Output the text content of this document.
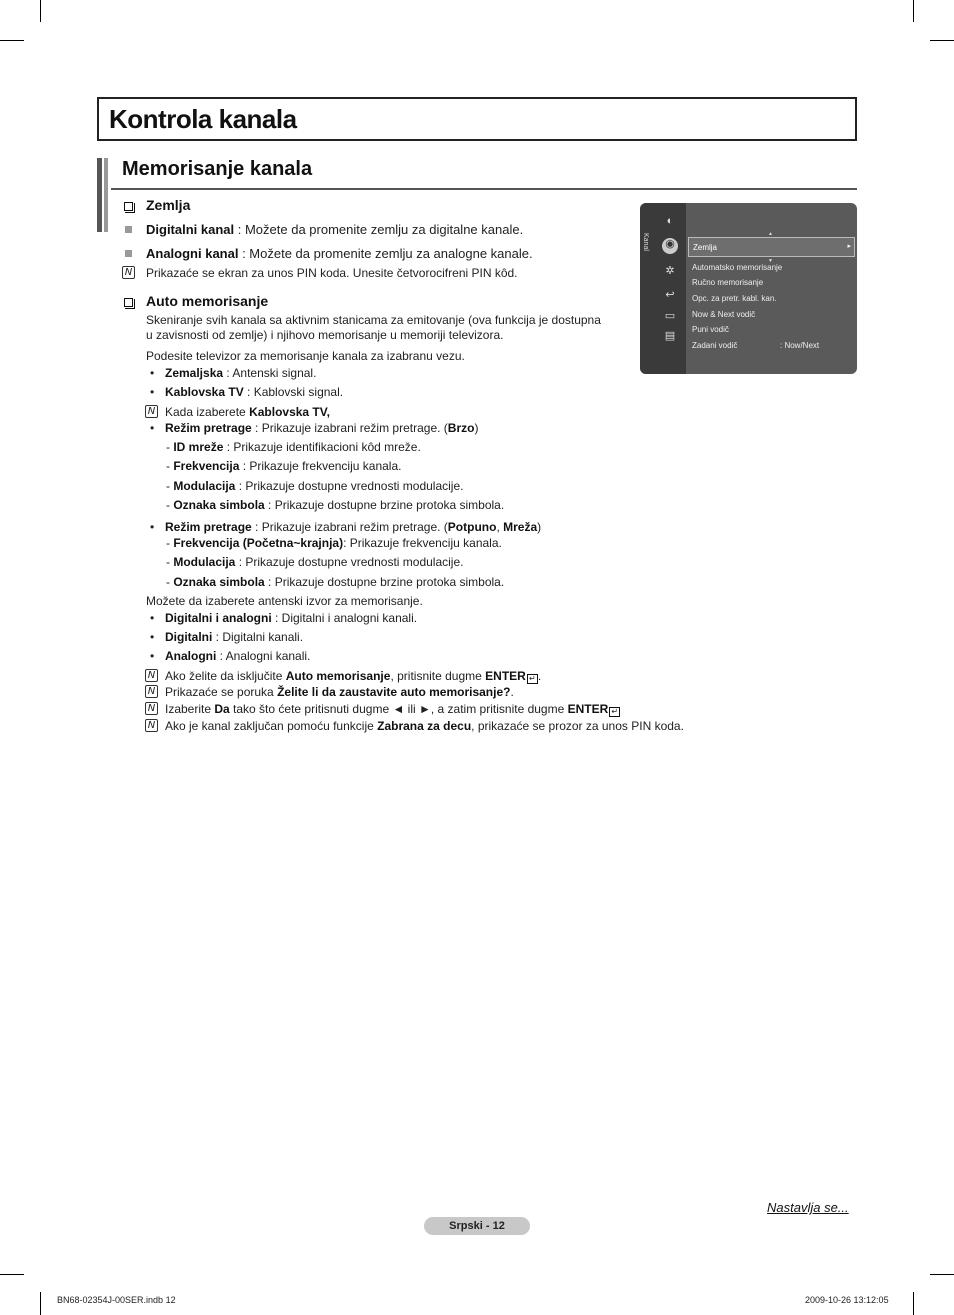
Kontrola kanala
Memorisanje kanala
Zemlja
Digitalni kanal : Možete da promenite zemlju za digitalne kanale.
Analogni kanal : Možete da promenite zemlju za analogne kanale.
N Prikazaće se ekran za unos PIN koda. Unesite četvorocifreni PIN kôd.
Auto memorisanje
Skeniranje svih kanala sa aktivnim stanicama za emitovanje (ova funkcija je dostupna
u zavisnosti od zemlje) i njihovo memorisanje u memoriji televizora.
Podesite televizor za memorisanje kanala za izabranu vezu.
• Zemaljska : Antenski signal.
• Kablovska TV : Kablovski signal.
N Kada izaberete Kablovska TV,
• Režim pretrage : Prikazuje izabrani režim pretrage. (Brzo)
- ID mreže : Prikazuje identifikacioni kôd mreže.
- Frekvencija : Prikazuje frekvenciju kanala.
- Modulacija : Prikazuje dostupne vrednosti modulacije.
- Oznaka simbola : Prikazuje dostupne brzine protoka simbola.
• Režim pretrage : Prikazuje izabrani režim pretrage. (Potpuno, Mreža)
- Frekvencija (Početna~krajnja): Prikazuje frekvenciju kanala.
- Modulacija : Prikazuje dostupne vrednosti modulacije.
- Oznaka simbola : Prikazuje dostupne brzine protoka simbola.
Možete da izaberete antenski izvor za memorisanje.
• Digitalni i analogni : Digitalni i analogni kanali.
• Digitalni : Digitalni kanali.
• Analogni : Analogni kanali.
N Ako želite da isključite Auto memorisanje, pritisnite dugme ENTER ↵ .
N Prikazaće se poruka Želite li da zaustavite auto memorisanje?.
N Izaberite Da tako što ćete pritisnuti dugme ◄ ili ►, a zatim pritisnite dugme ENTER ↵
N Ako je kanal zaključan pomoću funkcije Zabrana za decu, prikazaće se prozor za unos PIN koda.
Kanal
◐
◉
✲
↩
▭
▤
▲
Zemlja	▸
▼
Automatsko memorisanje
Ručno memorisanje
Opc. za pretr. kabl. kan.
Now & Next vodič
Puni vodič
Zadani vodič	: Now/Next
Nastavlja se...
Srpski - 12
BN68-02354J-00SER.indb 12	2009-10-26 13:12:05
